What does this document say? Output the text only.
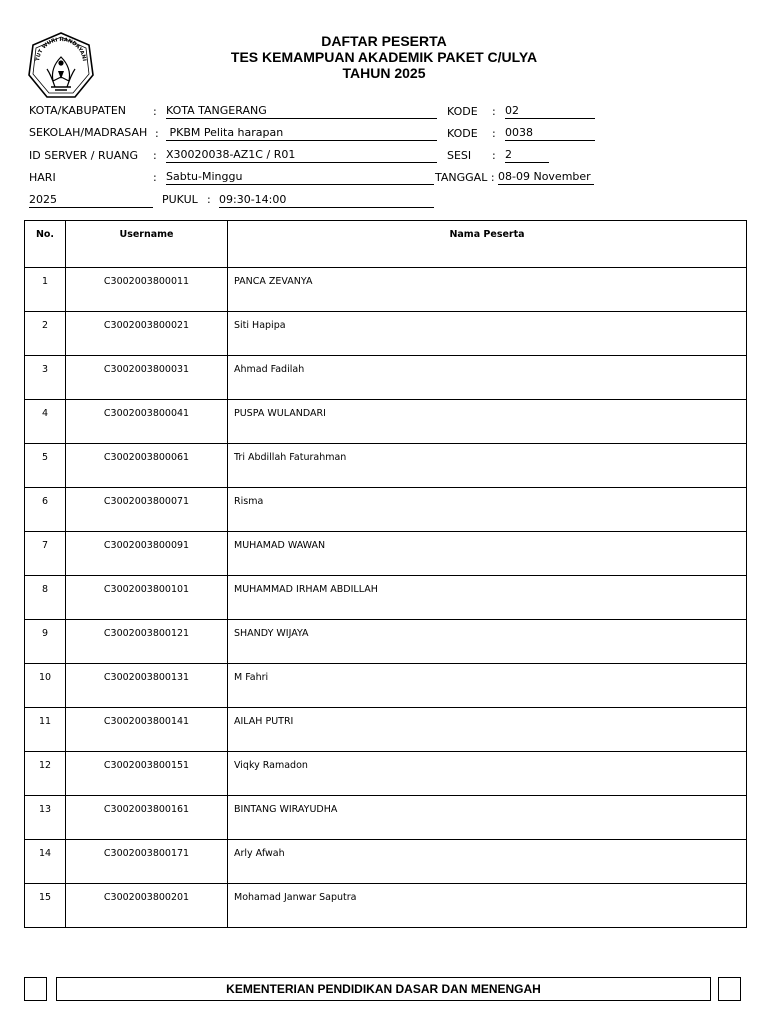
TUT WURI HANDAYANI
DAFTAR PESERTA
TES KEMAMPUAN AKADEMIK PAKET C/ULYA
TAHUN 2025
KOTA/KABUPATEN : KOTA TANGERANG	KODE : 02
SEKOLAH/MADRASAH : PKBM Pelita harapan	KODE : 0038
ID SERVER / RUANG : X30020038-AZ1C / R01	SESI : 2
HARI	: Sabtu-Minggu	TANGGAL : 08-09 November
2025	PUKUL : 09:30-14:00
No.	Username	Nama Peserta
1	C3002003800011	PANCA ZEVANYA
2	C3002003800021	Siti Hapipa
3	C3002003800031	Ahmad Fadilah
4	C3002003800041	PUSPA WULANDARI
5	C3002003800061	Tri Abdillah Faturahman
6	C3002003800071	Risma
7	C3002003800091	MUHAMAD WAWAN
8	C3002003800101	MUHAMMAD IRHAM ABDILLAH
9	C3002003800121	SHANDY WIJAYA
10	C3002003800131	M Fahri
11	C3002003800141	AILAH PUTRI
12	C3002003800151	Viqky Ramadon
13	C3002003800161	BINTANG WIRAYUDHA
14	C3002003800171	Arly Afwah
15	C3002003800201	Mohamad Janwar Saputra
KEMENTERIAN PENDIDIKAN DASAR DAN MENENGAH
